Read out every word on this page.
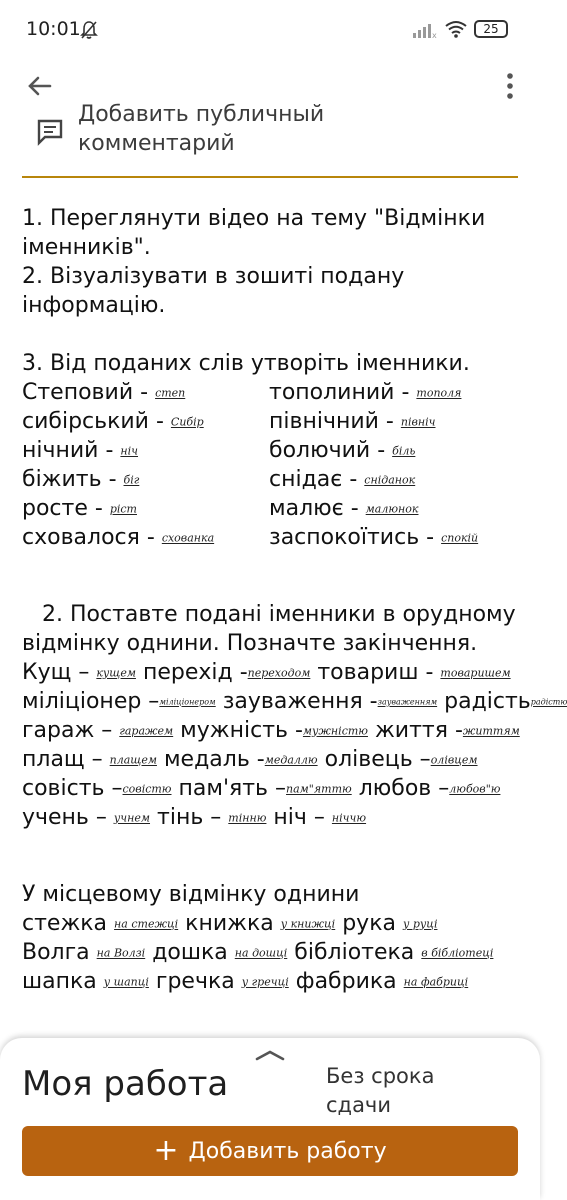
10:01	x	25
Добавить публичный
комментарий
1. Переглянути відео на тему "Відмінки
іменників".
2. Візуалізувати в зошиті подану
інформацію.
3. Від поданих слів утворіть іменники.
Степовий - степ	тополиний - тополя
сибірський - Сибір	північний - північ
нічний - ніч	болючий - біль
біжить - біг	снідає - сніданок
росте - ріст	малює - малюнок
сховалося - схованка заспокоїтись - спокій
2. Поставте подані іменники в орудному
відмінку однини. Позначте закінчення.
Кущ – кущем перехід -переходом товариш - товаришем
міліціонер –міліціонером зауваження -зауваженням радістьрадістю
гараж – гаражем мужність -мужністю життя -життям
плащ – плащем медаль -медаллю олівець –олівцем
совість –совістю пам'ять –пам"яттю любов –любов"ю
учень – учнем тінь – тінню ніч – ніччю
У місцевому відмінку однини
стежка на стежці книжка у книжці рука у руці
Волга на Волзі дошка на дошці бібліотека в бібліотеці
шапка у шапці гречка у гречці фабрика на фабриці
Моя работа	Без срока
сдачи
+ Добавить работу
